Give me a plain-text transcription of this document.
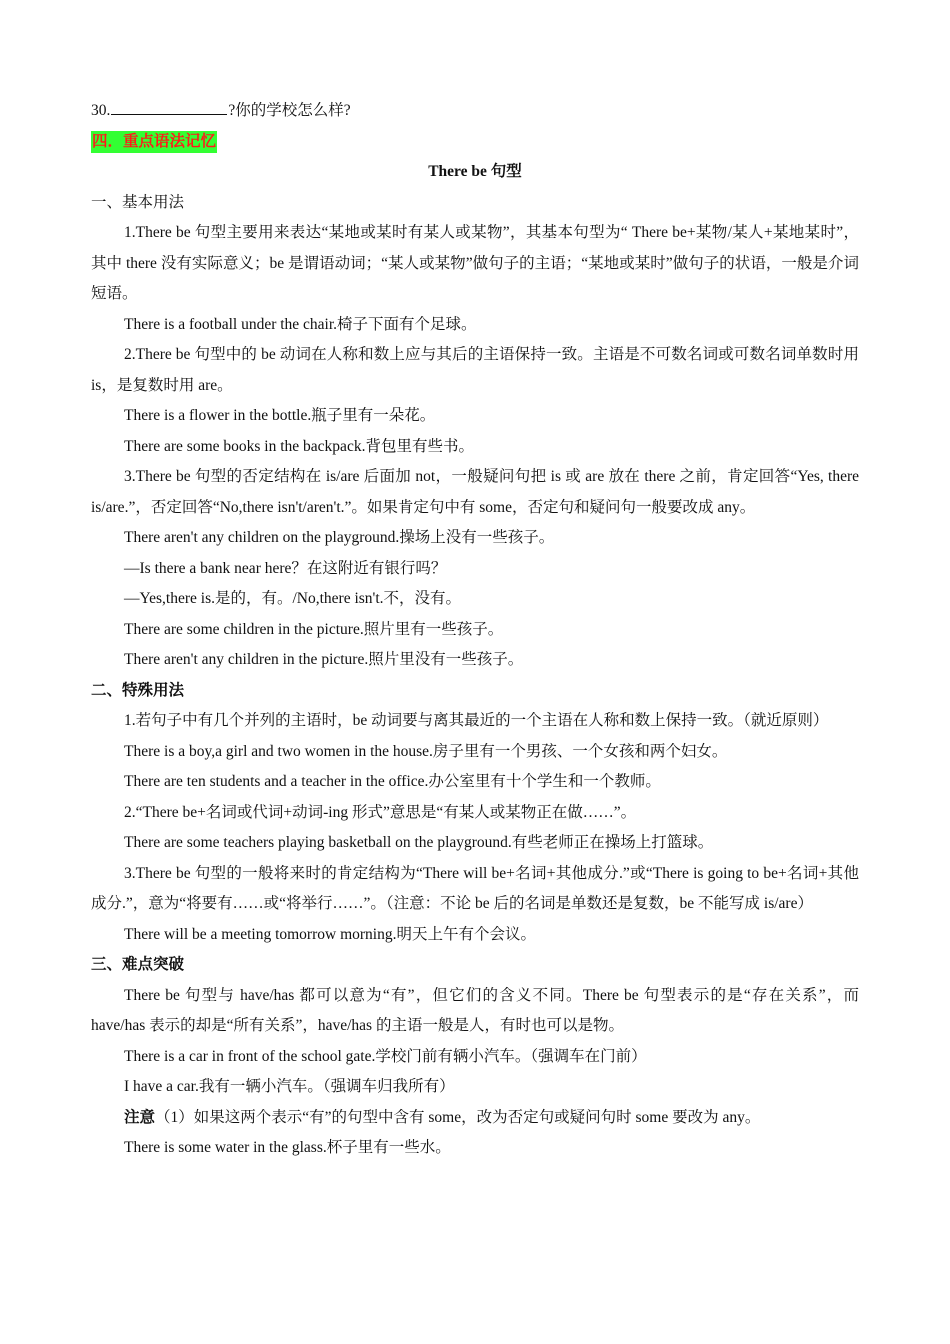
30.	?你的学校怎么样?

四．重点语法记忆

There be 句型

一、基本用法

1.There be 句型主要用来表达“某地或某时有某人或某物”，其基本句型为“ There be+某物/某人+某地某时”，其中 there 没有实际意义；be 是谓语动词；“某人或某物”做句子的主语；“某地或某时”做句子的状语，一般是介词短语。

There is a football under the chair.椅子下面有个足球。

2.There be 句型中的 be 动词在人称和数上应与其后的主语保持一致。主语是不可数名词或可数名词单数时用 is，是复数时用 are。

There is a flower in the bottle.瓶子里有一朵花。

There are some books in the backpack.背包里有些书。

3.There be 句型的否定结构在 is/are 后面加 not，一般疑问句把 is 或 are 放在 there 之前，肯定回答“Yes, there is/are.”，否定回答“No,there isn't/aren't.”。如果肯定句中有 some，否定句和疑问句一般要改成 any。

There aren't any children on the playground.操场上没有一些孩子。

—Is there a bank near here？在这附近有银行吗？

—Yes,there is.是的，有。/No,there isn't.不，没有。

There are some children in the picture.照片里有一些孩子。

There aren't any children in the picture.照片里没有一些孩子。

二、特殊用法

1.若句子中有几个并列的主语时，be 动词要与离其最近的一个主语在人称和数上保持一致。（就近原则）

There is a boy,a girl and two women in the house.房子里有一个男孩、一个女孩和两个妇女。

There are ten students and a teacher in the office.办公室里有十个学生和一个教师。

2.“There be+名词或代词+动词-ing 形式”意思是“有某人或某物正在做……”。

There are some teachers playing basketball on the playground.有些老师正在操场上打篮球。

3.There be 句型的一般将来时的肯定结构为“There will be+名词+其他成分.”或“There is going to be+名词+其他成分.”，意为“将要有……或“将举行……”。（注意：不论 be 后的名词是单数还是复数，be 不能写成 is/are）

There will be a meeting tomorrow morning.明天上午有个会议。

三、难点突破

There be 句型与 have/has 都可以意为“有”，但它们的含义不同。There be 句型表示的是“存在关系”，而 have/has 表示的却是“所有关系”，have/has 的主语一般是人，有时也可以是物。

There is a car in front of the school gate.学校门前有辆小汽车。（强调车在门前）

I have a car.我有一辆小汽车。（强调车归我所有）

注意（1）如果这两个表示“有”的句型中含有 some，改为否定句或疑问句时 some 要改为 any。

There is some water in the glass.杯子里有一些水。
